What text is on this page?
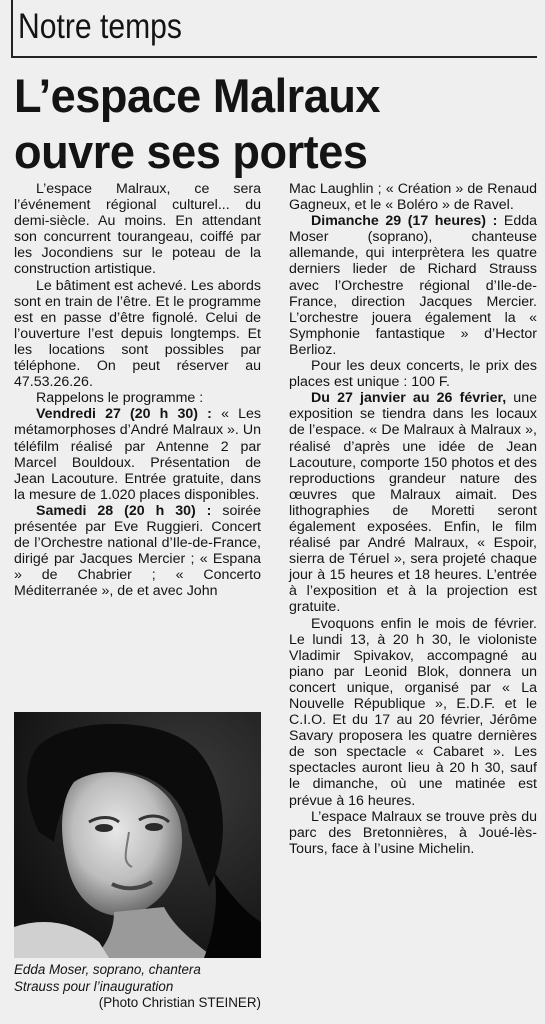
Notre temps
L’espace Malraux
ouvre ses portes

L’espace Malraux, ce sera l’événement régional culturel... du demi-siècle. Au moins. En attendant son concurrent tourangeau, coiffé par les Jocondiens sur le poteau de la construction artistique.

Le bâtiment est achevé. Les abords sont en train de l’être. Et le programme est en passe d’être fignolé. Celui de l’ouverture l’est depuis longtemps. Et les locations sont possibles par téléphone. On peut réserver au 47.53.26.26.

Rappelons le programme :

Vendredi 27 (20 h 30) : « Les métamorphoses d’André Malraux ». Un téléfilm réalisé par Antenne 2 par Marcel Bouldoux. Présentation de Jean Lacouture. Entrée gratuite, dans la mesure de 1.020 places disponibles.

Samedi 28 (20 h 30) : soirée présentée par Eve Ruggieri. Concert de l’Orchestre national d’Ile-de-France, dirigé par Jacques Mercier ; « Espana » de Chabrier ; « Concerto Méditerranée », de et avec John

Mac Laughlin ; « Création » de Renaud Gagneux, et le « Boléro » de Ravel.

Dimanche 29 (17 heures) : Edda Moser (soprano), chanteuse allemande, qui interprètera les quatre derniers lieder de Richard Strauss avec l’Orchestre régional d’Ile-de-France, direction Jacques Mercier. L’orchestre jouera également la « Symphonie fantastique » d’Hector Berlioz.

Pour les deux concerts, le prix des places est unique : 100 F.

Du 27 janvier au 26 février, une exposition se tiendra dans les locaux de l’espace. « De Malraux à Malraux », réalisé d’après une idée de Jean Lacouture, comporte 150 photos et des reproductions grandeur nature des œuvres que Malraux aimait. Des lithographies de Moretti seront également exposées. Enfin, le film réalisé par André Malraux, « Espoir, sierra de Téruel », sera projeté chaque jour à 15 heures et 18 heures. L’entrée à l’exposition et à la projection est gratuite.

Evoquons enfin le mois de février. Le lundi 13, à 20 h 30, le violoniste Vladimir Spivakov, accompagné au piano par Leonid Blok, donnera un concert unique, organisé par « La Nouvelle République », E.D.F. et le C.I.O. Et du 17 au 20 février, Jérôme Savary proposera les quatre dernières de son spectacle « Cabaret ». Les spectacles auront lieu à 20 h 30, sauf le dimanche, où une matinée est prévue à 16 heures.

L’espace Malraux se trouve près du parc des Bretonnières, à Joué-lès-Tours, face à l’usine Michelin.

Edda Moser, soprano, chantera
Strauss pour l’inauguration
(Photo Christian STEINER)
